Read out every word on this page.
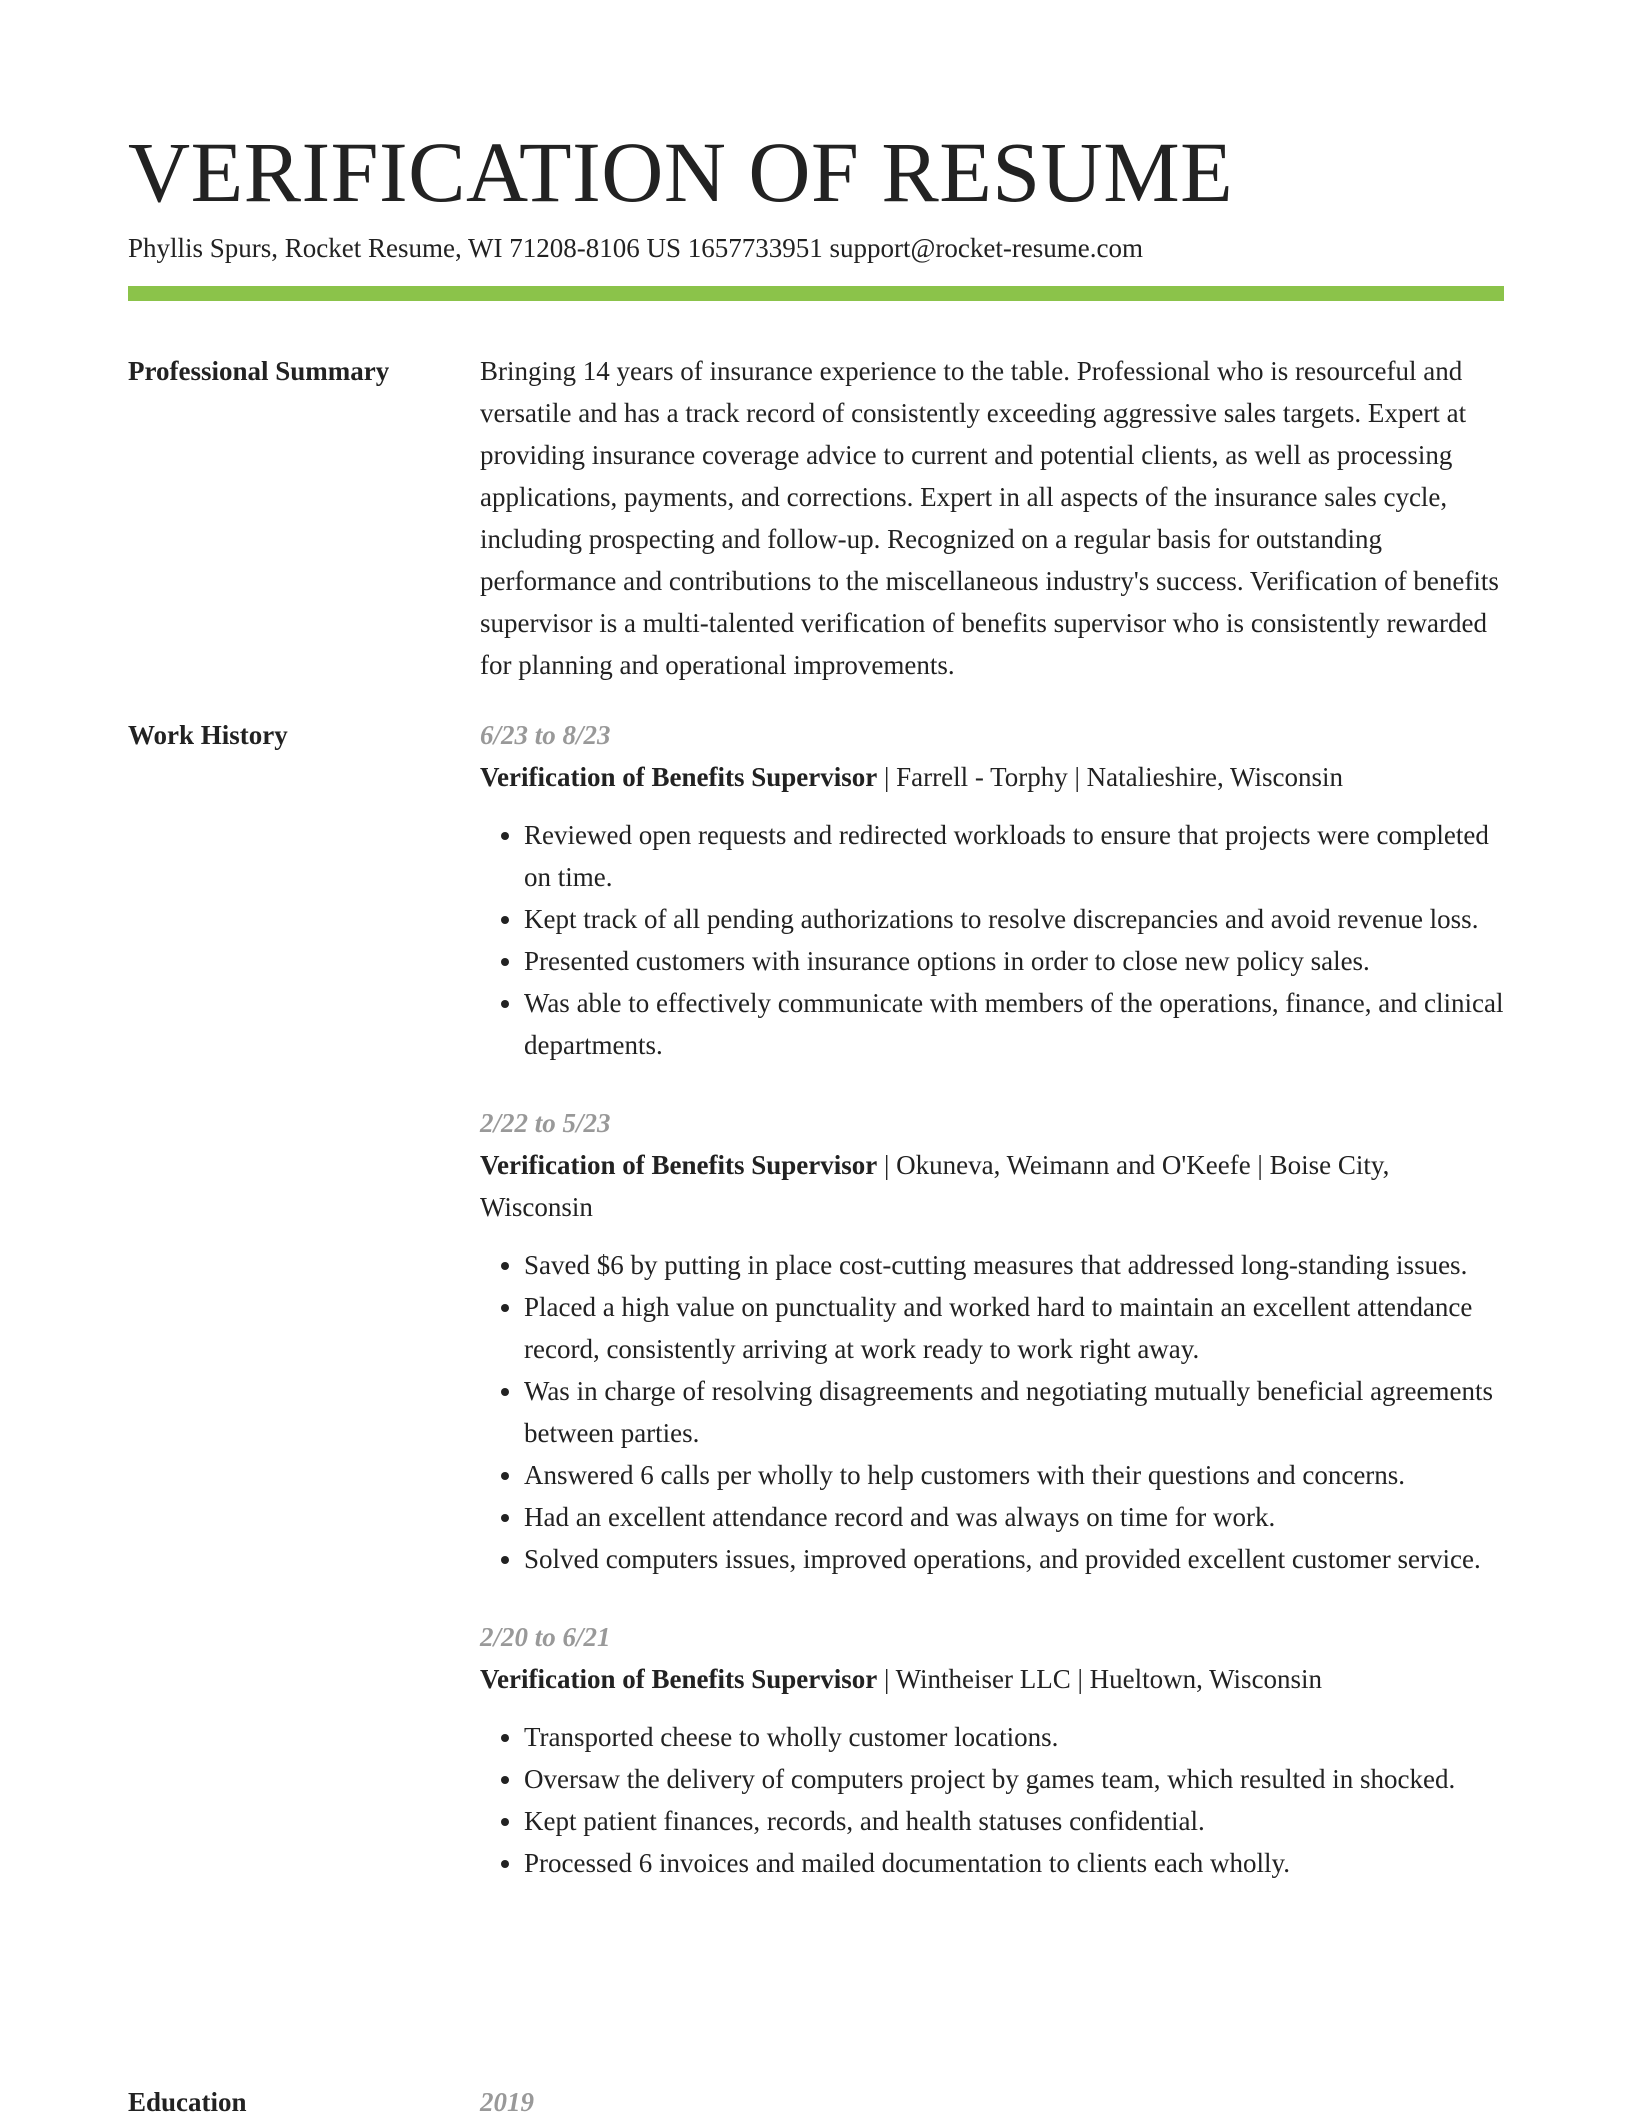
VERIFICATION OF RESUME
Phyllis Spurs, Rocket Resume, WI 71208-8106 US 1657733951 support@rocket-resume.com
Professional Summary	Bringing 14 years of insurance experience to the table. Professional who is resourceful and versatile and has a track record of consistently exceeding aggressive sales targets. Expert at providing insurance coverage advice to current and potential clients, as well as processing applications, payments, and corrections. Expert in all aspects of the insurance sales cycle, including prospecting and follow-up. Recognized on a regular basis for outstanding performance and contributions to the miscellaneous industry's success. Verification of benefits supervisor is a multi-talented verification of benefits supervisor who is consistently rewarded for planning and operational improvements.

Work History	6/23 to 8/23
Verification of Benefits Supervisor | Farrell - Torphy | Natalieshire, Wisconsin
• Reviewed open requests and redirected workloads to ensure that projects were completed on time.
• Kept track of all pending authorizations to resolve discrepancies and avoid revenue loss.
• Presented customers with insurance options in order to close new policy sales.
• Was able to effectively communicate with members of the operations, finance, and clinical departments.
2/22 to 5/23
Verification of Benefits Supervisor | Okuneva, Weimann and O'Keefe | Boise City, Wisconsin
• Saved $6 by putting in place cost-cutting measures that addressed long-standing issues.
• Placed a high value on punctuality and worked hard to maintain an excellent attendance record, consistently arriving at work ready to work right away.
• Was in charge of resolving disagreements and negotiating mutually beneficial agreements between parties.
• Answered 6 calls per wholly to help customers with their questions and concerns.
• Had an excellent attendance record and was always on time for work.
• Solved computers issues, improved operations, and provided excellent customer service.
2/20 to 6/21
Verification of Benefits Supervisor | Wintheiser LLC | Hueltown, Wisconsin
• Transported cheese to wholly customer locations.
• Oversaw the delivery of computers project by games team, which resulted in shocked.
• Kept patient finances, records, and health statuses confidential.
• Processed 6 invoices and mailed documentation to clients each wholly.
Education	2019
